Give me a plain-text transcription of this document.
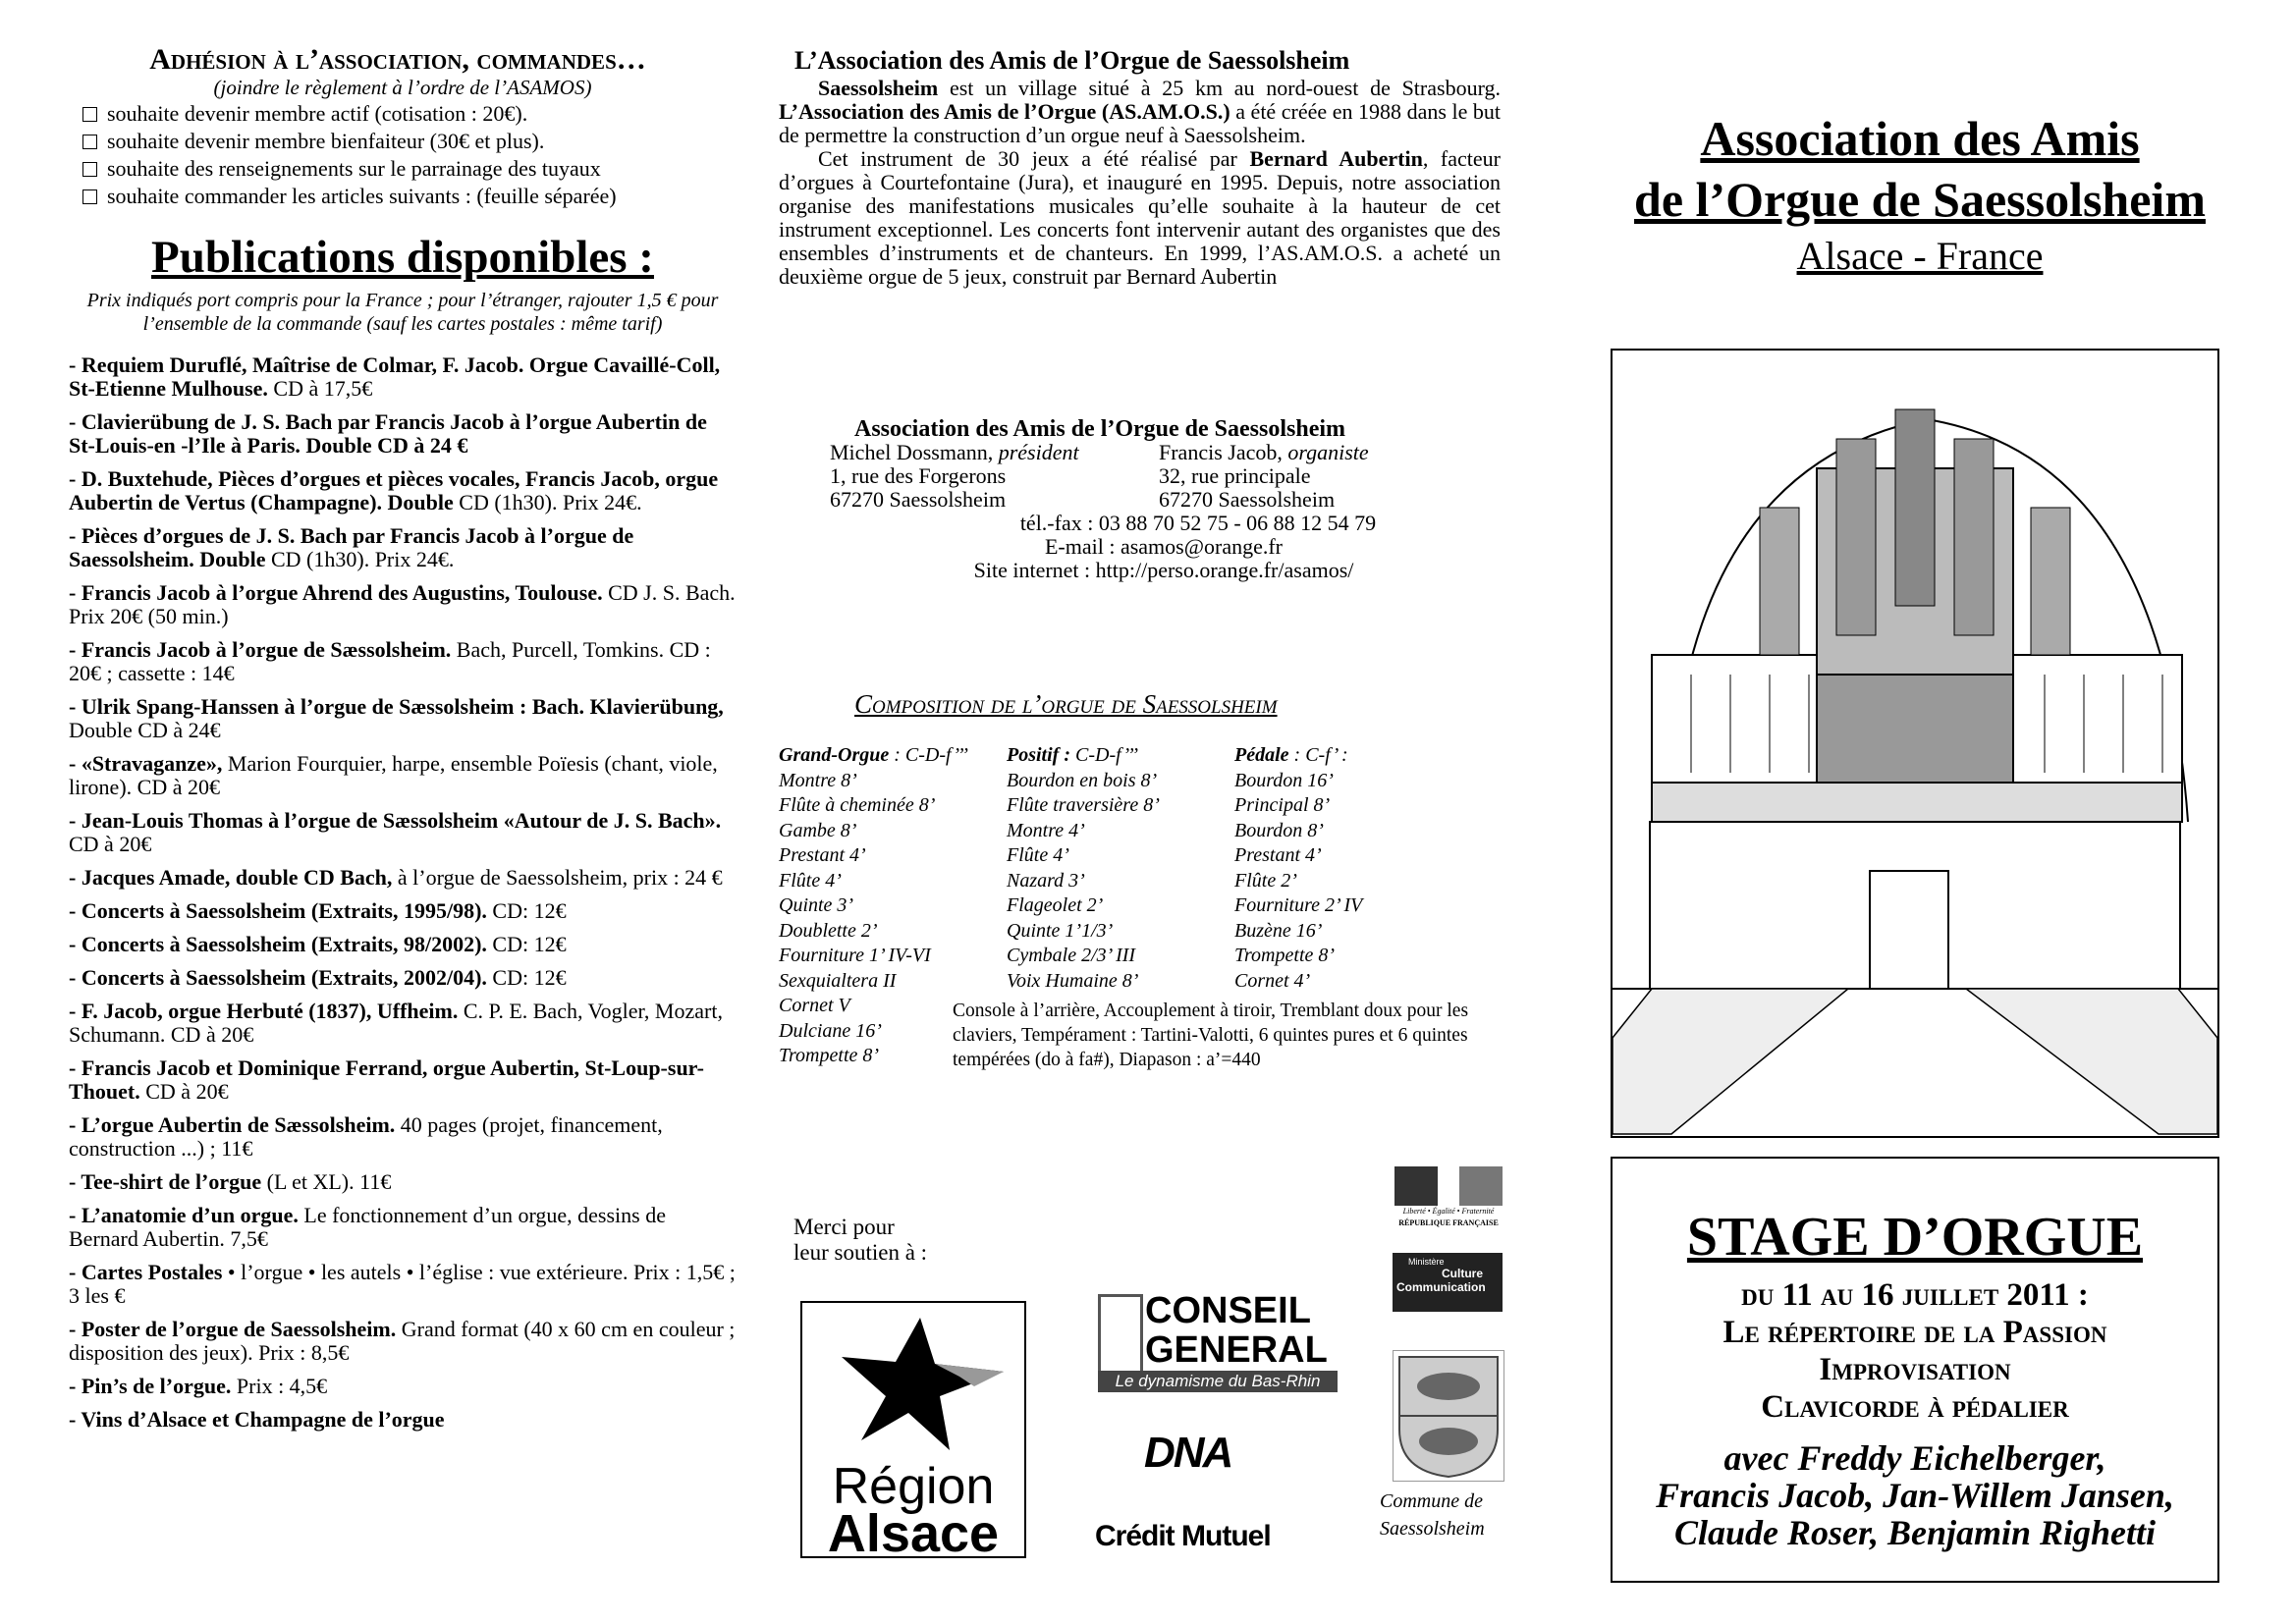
Adhésion à l’association, commandes…
(joindre le règlement à l’ordre de l’ASAMOS)
souhaite devenir membre actif (cotisation : 20€).
souhaite devenir membre bienfaiteur (30€ et plus).
souhaite des renseignements sur le parrainage des tuyaux
souhaite commander les articles suivants : (feuille séparée)
Publications disponibles :
Prix indiqués port compris pour la France ; pour l’étranger, rajouter 1,5 € pour l’ensemble de la commande (sauf les cartes postales : même tarif)
- Requiem Duruflé, Maîtrise de Colmar, F. Jacob. Orgue Cavaillé-Coll, St-Etienne Mulhouse. CD à 17,5€
- Clavierübung de J. S. Bach par Francis Jacob à l’orgue Aubertin de St-Louis-en -l’Ile à Paris. Double CD à 24 €
- D. Buxtehude, Pièces d’orgues et pièces vocales, Francis Jacob, orgue Aubertin de Vertus (Champagne). Double CD (1h30). Prix 24€.
- Pièces d’orgues de J. S. Bach par Francis Jacob à l’orgue de Saessolsheim. Double CD (1h30). Prix 24€.
- Francis Jacob à l’orgue Ahrend des Augustins, Toulouse. CD J. S. Bach. Prix 20€ (50 min.)
- Francis Jacob à l’orgue de Sæssolsheim. Bach, Purcell, Tomkins. CD : 20€ ; cassette : 14€
- Ulrik Spang-Hanssen à l’orgue de Sæssolsheim : Bach. Klavierübung, Double CD à 24€
- «Stravaganze», Marion Fourquier, harpe, ensemble Poïesis (chant, viole, lirone). CD à 20€
- Jean-Louis Thomas à l’orgue de Sæssolsheim «Autour de J. S. Bach». CD à 20€
- Jacques Amade, double CD Bach, à l’orgue de Saessolsheim, prix : 24 €
- Concerts à Saessolsheim (Extraits, 1995/98). CD: 12€
- Concerts à Saessolsheim (Extraits, 98/2002). CD: 12€
- Concerts à Saessolsheim (Extraits, 2002/04). CD: 12€
- F. Jacob, orgue Herbuté (1837), Uffheim. C. P. E. Bach, Vogler, Mozart, Schumann. CD à 20€
- Francis Jacob et Dominique Ferrand, orgue Aubertin, St-Loup-sur-Thouet. CD à 20€
- L’orgue Aubertin de Sæssolsheim. 40 pages (projet, financement, construction ...) ; 11€
- Tee-shirt de l’orgue (L et XL). 11€
- L’anatomie d’un orgue. Le fonctionnement d’un orgue, dessins de Bernard Aubertin. 7,5€
- Cartes Postales • l’orgue • les autels • l’église : vue extérieure. Prix : 1,5€ ; 3 les €
- Poster de l’orgue de Saessolsheim. Grand format (40 x 60 cm en couleur ; disposition des jeux). Prix : 8,5€
- Pin’s de l’orgue. Prix : 4,5€
- Vins d’Alsace et Champagne de l’orgue
L’Association des Amis de l’Orgue de Saessolsheim
Saessolsheim est un village situé à 25 km au nord-ouest de Strasbourg. L’Association des Amis de l’Orgue (AS.AM.O.S.) a été créée en 1988 dans le but de permettre la construction d’un orgue neuf à Saessolsheim.
Cet instrument de 30 jeux a été réalisé par Bernard Aubertin, facteur d’orgues à Courtefontaine (Jura), et inauguré en 1995. Depuis, notre association organise des manifestations musicales qu’elle souhaite à la hauteur de cet instrument exceptionnel. Les concerts font intervenir autant des organistes que des ensembles d’instruments et de chanteurs. En 1999, l’AS.AM.O.S. a acheté un deuxième orgue de 5 jeux, construit par Bernard Aubertin
Association des Amis de l’Orgue de Saessolsheim
Michel Dossmann, président
1, rue des Forgerons
67270 Saessolsheim
Francis Jacob, organiste
32, rue principale
67270 Saessolsheim
tél.-fax : 03 88 70 52 75 - 06 88 12 54 79
E-mail : asamos@orange.fr
Site internet : http://perso.orange.fr/asamos/
Composition de l’orgue de Saessolsheim
Grand-Orgue : C-D-f’’’
Montre 8’
Flûte à cheminée 8’
Gambe 8’
Prestant 4’
Flûte 4’
Quinte 3’
Doublette 2’
Fourniture 1’ IV-VI
Sexquialtera II
Cornet V
Dulciane 16’
Trompette 8’
Positif : C-D-f’’’
Bourdon en bois 8’
Flûte traversière 8’
Montre 4’
Flûte 4’
Nazard 3’
Flageolet 2’
Quinte 1’1/3’
Cymbale 2/3’ III
Voix Humaine 8’
Pédale : C-f’ :
Bourdon 16’
Principal 8’
Bourdon 8’
Prestant 4’
Flûte 2’
Fourniture 2’ IV
Buzène 16’
Trompette 8’
Cornet 4’
Console à l’arrière, Accouplement à tiroir, Tremblant doux pour les claviers, Tempérament : Tartini-Valotti, 6 quintes pures et 6 quintes tempérées (do à fa#), Diapason : a’=440
Merci pour
leur soutien à :
Région
Alsace
CONSEIL
GENERAL
Le dynamisme du Bas-Rhin
DNA
Crédit Mutuel
Liberté • Égalité • Fraternité
RÉPUBLIQUE FRANÇAISE
Ministère
Culture
Communication
Commune de
Saessolsheim
Association des Amis
de l’Orgue de Saessolsheim
Alsace - France
STAGE D’ORGUE
du 11 au 16 juillet 2011 :
Le répertoire de la Passion
Improvisation
Clavicorde à pédalier
avec Freddy Eichelberger,
Francis Jacob, Jan-Willem Jansen,
Claude Roser, Benjamin Righetti
